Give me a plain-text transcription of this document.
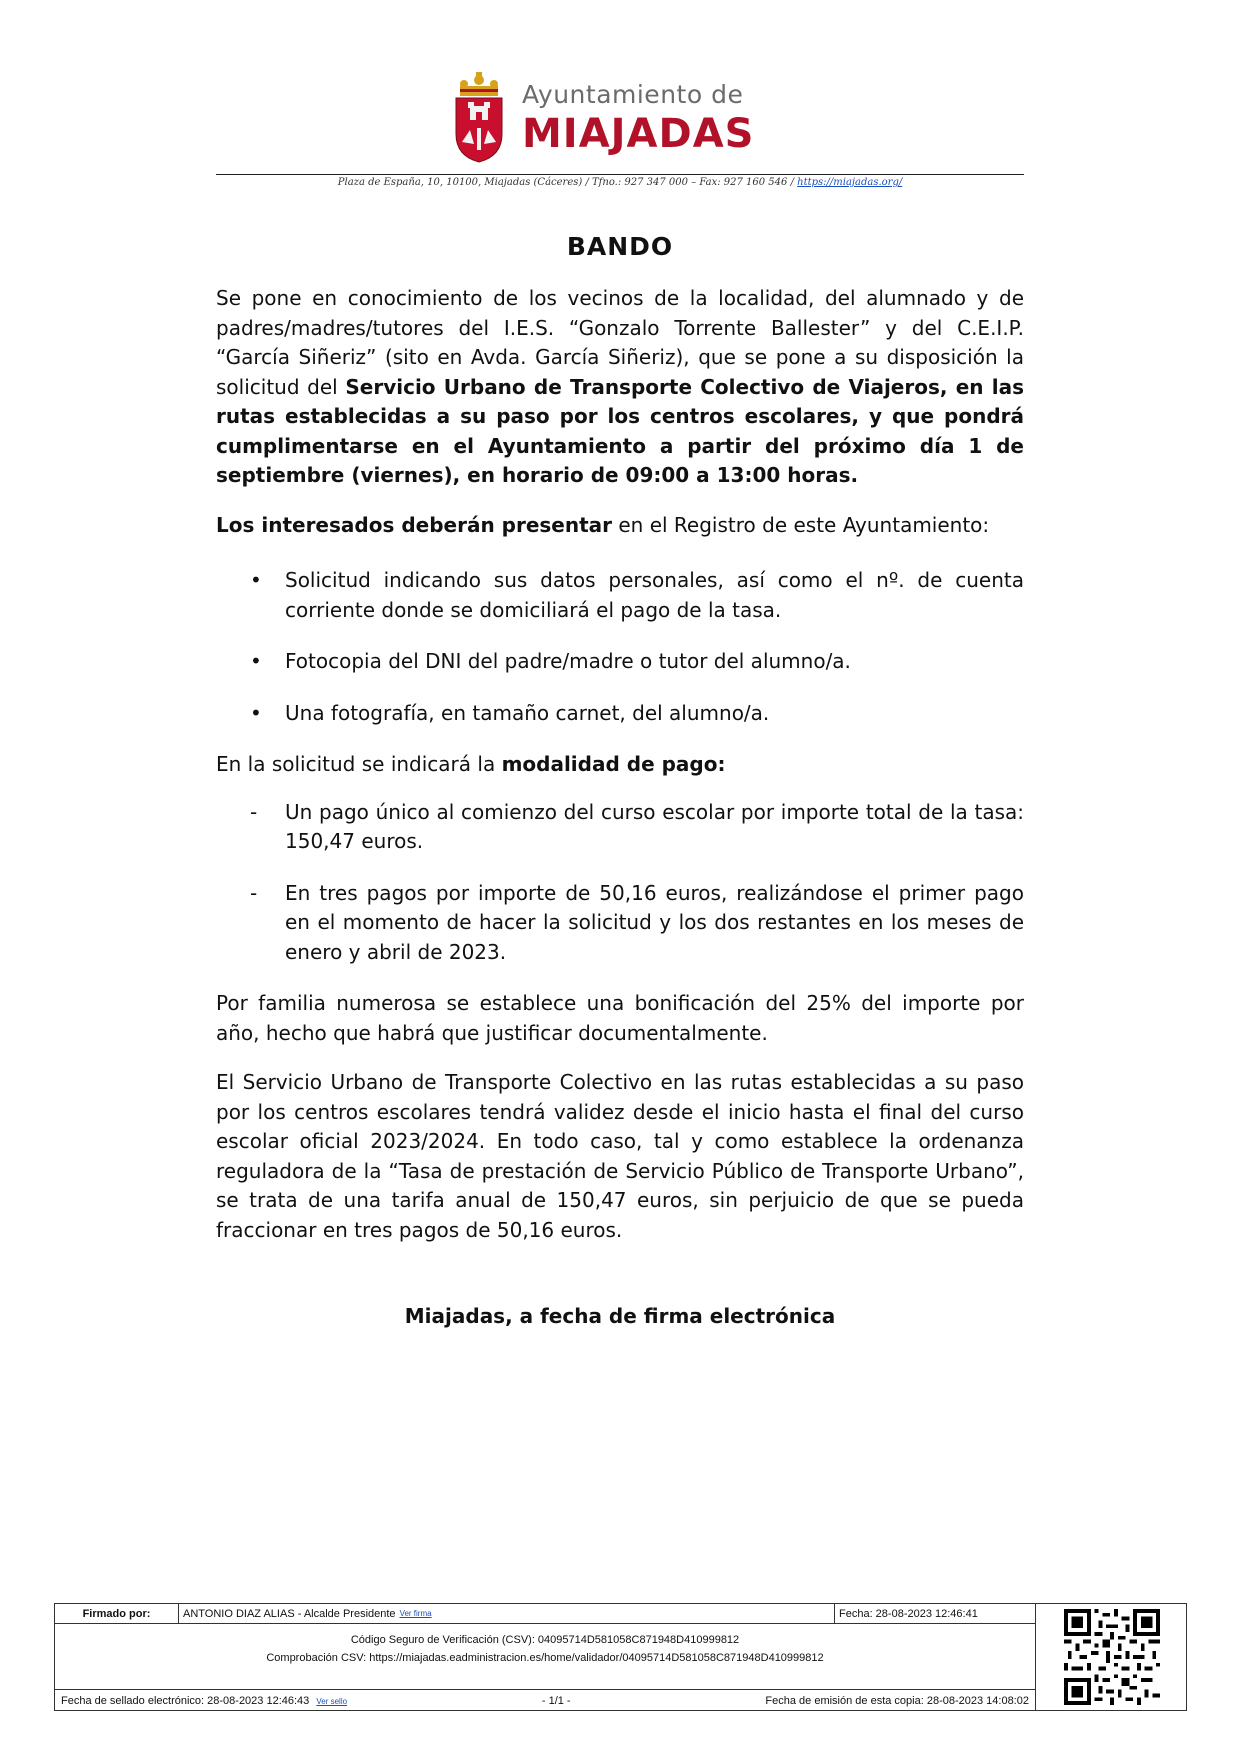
Ayuntamiento de
MIAJADAS
Plaza de España, 10, 10100, Miajadas (Cáceres) / Tfno.: 927 347 000 – Fax: 927 160 546 / https://miajadas.org/
BANDO

Se pone en conocimiento de los vecinos de la localidad, del alumnado y de padres/madres/tutores del I.E.S. “Gonzalo Torrente Ballester” y del C.E.I.P. “García Siñeriz” (sito en Avda. García Siñeriz), que se pone a su disposición la solicitud del Servicio Urbano de Transporte Colectivo de Viajeros, en las rutas establecidas a su paso por los centros escolares, y que pondrá cumplimentarse en el Ayuntamiento a partir del próximo día 1 de septiembre (viernes), en horario de 09:00 a 13:00 horas.

Los interesados deberán presentar en el Registro de este Ayuntamiento:

• Solicitud indicando sus datos personales, así como el nº. de cuenta corriente donde se domiciliará el pago de la tasa.
• Fotocopia del DNI del padre/madre o tutor del alumno/a.
• Una fotografía, en tamaño carnet, del alumno/a.

En la solicitud se indicará la modalidad de pago:

- Un pago único al comienzo del curso escolar por importe total de la tasa: 150,47 euros.
- En tres pagos por importe de 50,16 euros, realizándose el primer pago en el momento de hacer la solicitud y los dos restantes en los meses de enero y abril de 2023.

Por familia numerosa se establece una bonificación del 25% del importe por año, hecho que habrá que justificar documentalmente.

El Servicio Urbano de Transporte Colectivo en las rutas establecidas a su paso por los centros escolares tendrá validez desde el inicio hasta el final del curso escolar oficial 2023/2024. En todo caso, tal y como establece la ordenanza reguladora de la “Tasa de prestación de Servicio Público de Transporte Urbano”, se trata de una tarifa anual de 150,47 euros, sin perjuicio de que se pueda fraccionar en tres pagos de 50,16 euros.

Miajadas, a fecha de firma electrónica
Firmado por:	ANTONIO DIAZ ALIAS - Alcalde Presidente Ver firma	Fecha: 28-08-2023 12:46:41
Código Seguro de Verificación (CSV): 04095714D581058C871948D410999812
Comprobación CSV: https://miajadas.eadministracion.es/home/validador/04095714D581058C871948D410999812
Fecha de sellado electrónico: 28-08-2023 12:46:43 Ver sello	- 1/1 -	Fecha de emisión de esta copia: 28-08-2023 14:08:02
